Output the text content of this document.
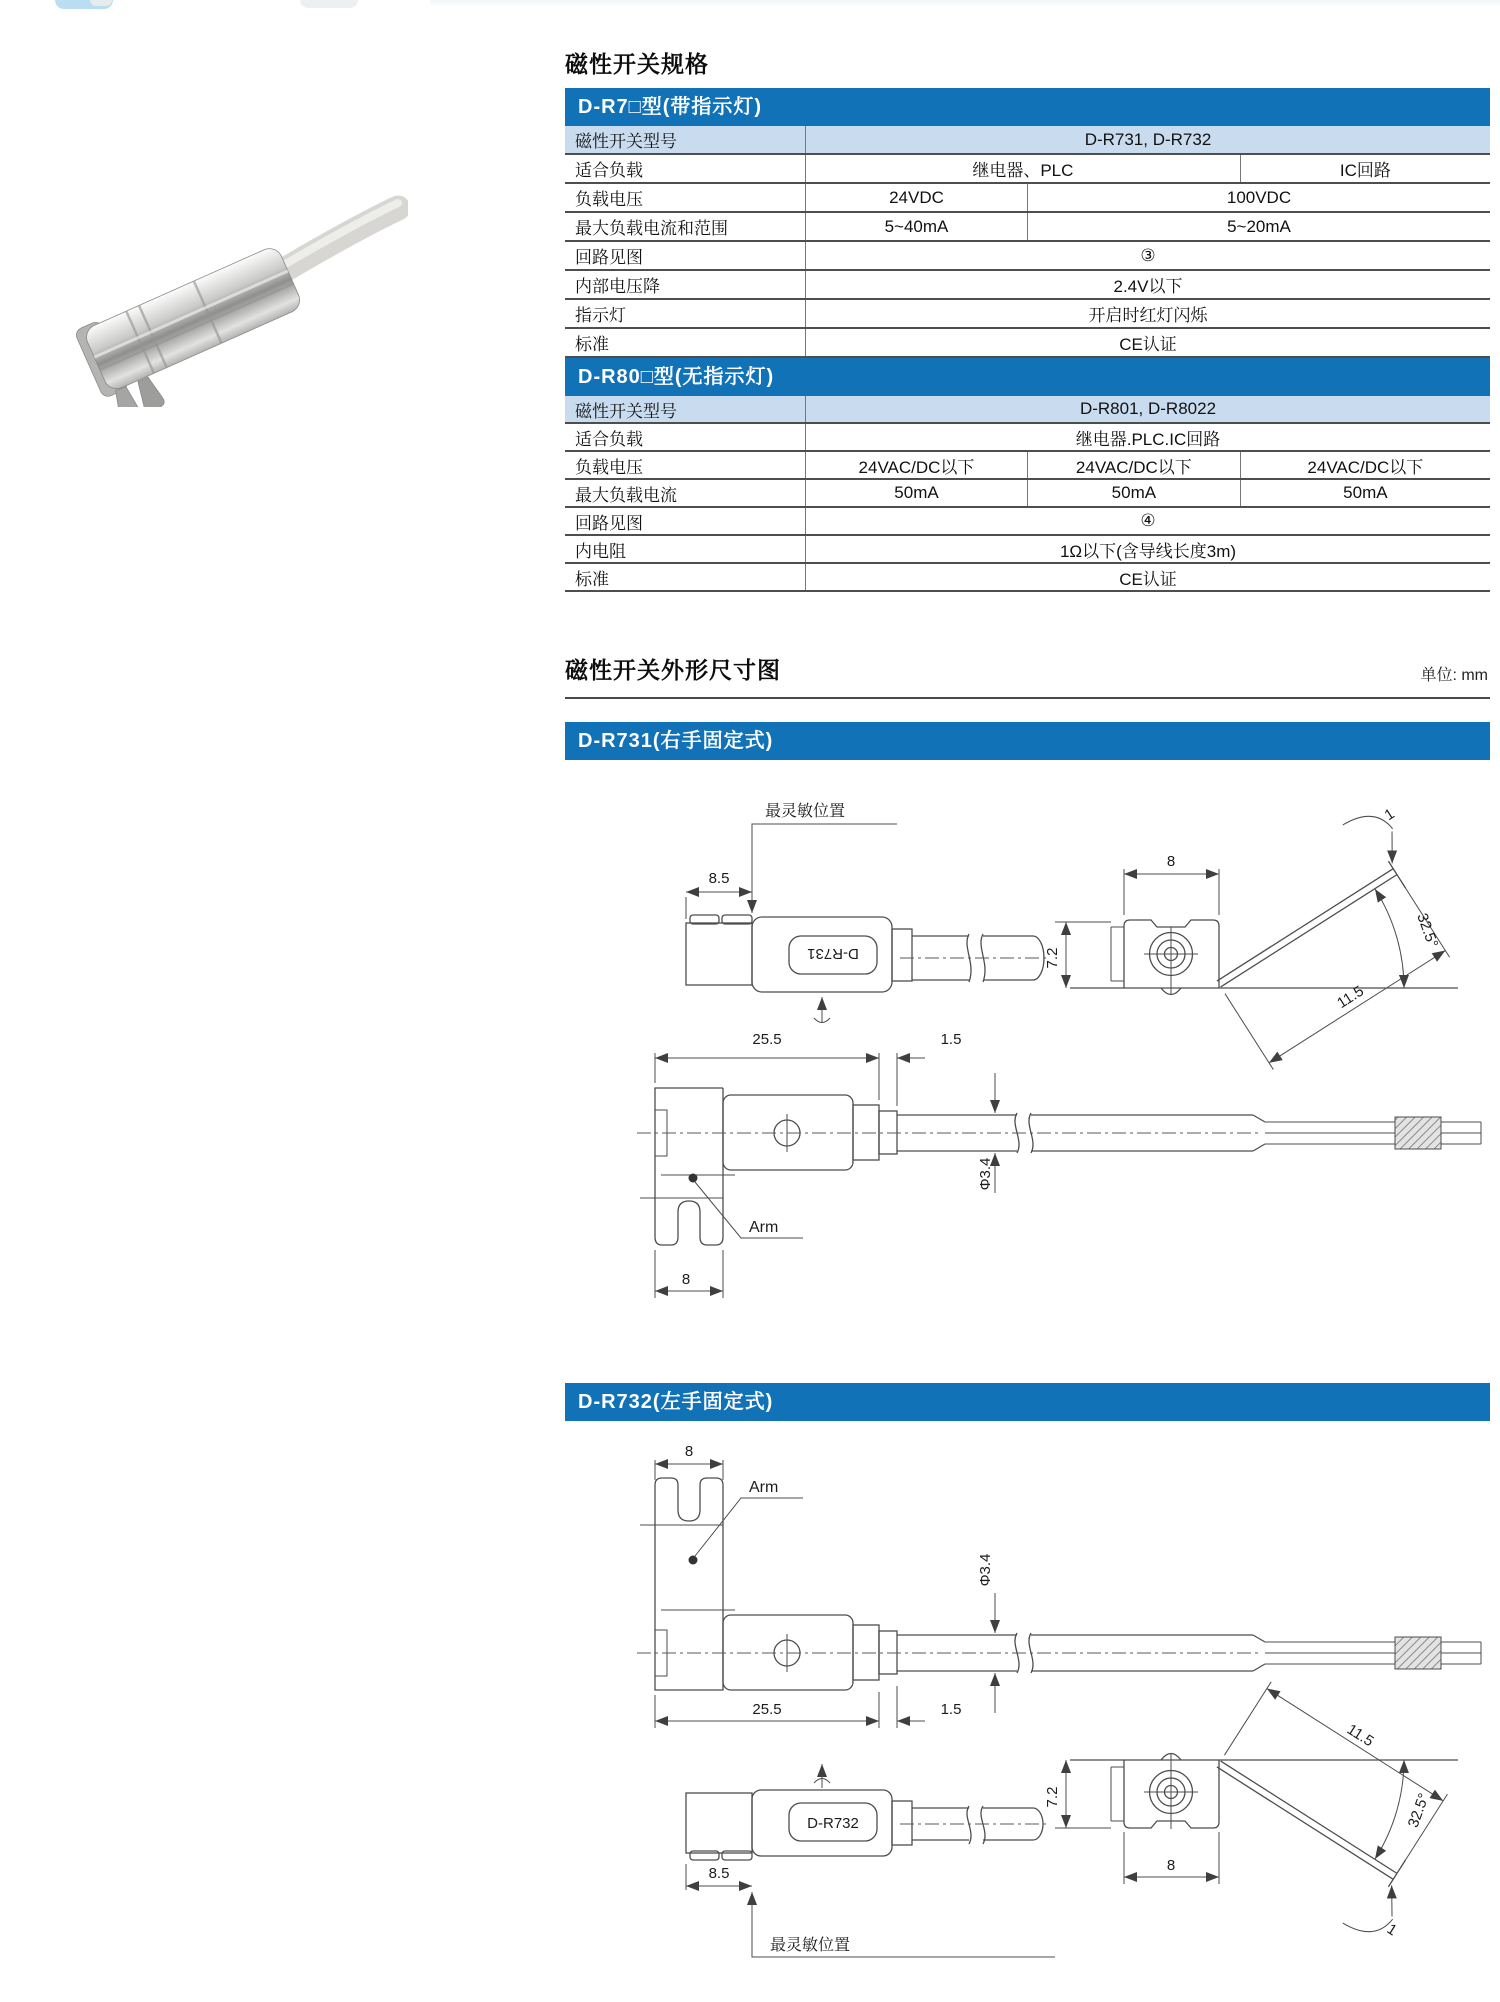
磁性开关规格
D-R7□型(带指示灯)
磁性开关型号	D-R731, D-R732		
适合负载	继电器、PLC		IC回路
负载电压	24VDC	100VDC	
最大负载电流和范围	5~40mA	5~20mA	
回路见图	③		
内部电压降	2.4V以下		
指示灯	开启时红灯闪烁		
标准	CE认证		
D-R80□型(无指示灯)
磁性开关型号	D-R801, D-R8022		
适合负载	继电器.PLC.IC回路		
负载电压	24VAC/DC以下	24VAC/DC以下	24VAC/DC以下
最大负载电流	50mA	50mA	50mA
回路见图	④		
内电阻	1Ω以下(含导线长度3m)		
标准	CE认证		
磁性开关外形尺寸图	单位: mm
D-R731(右手固定式)
最灵敏位置
8.5
D-R731
8
7.2
11.5
1
32.5°
25.5	1.5
Φ3.4
Arm
8
D-R732(左手固定式)
8
Φ3.4
Arm
25.5	1.5
D-R732
8.5
最灵敏位置
7.2
8
11.5
1
32.5°
